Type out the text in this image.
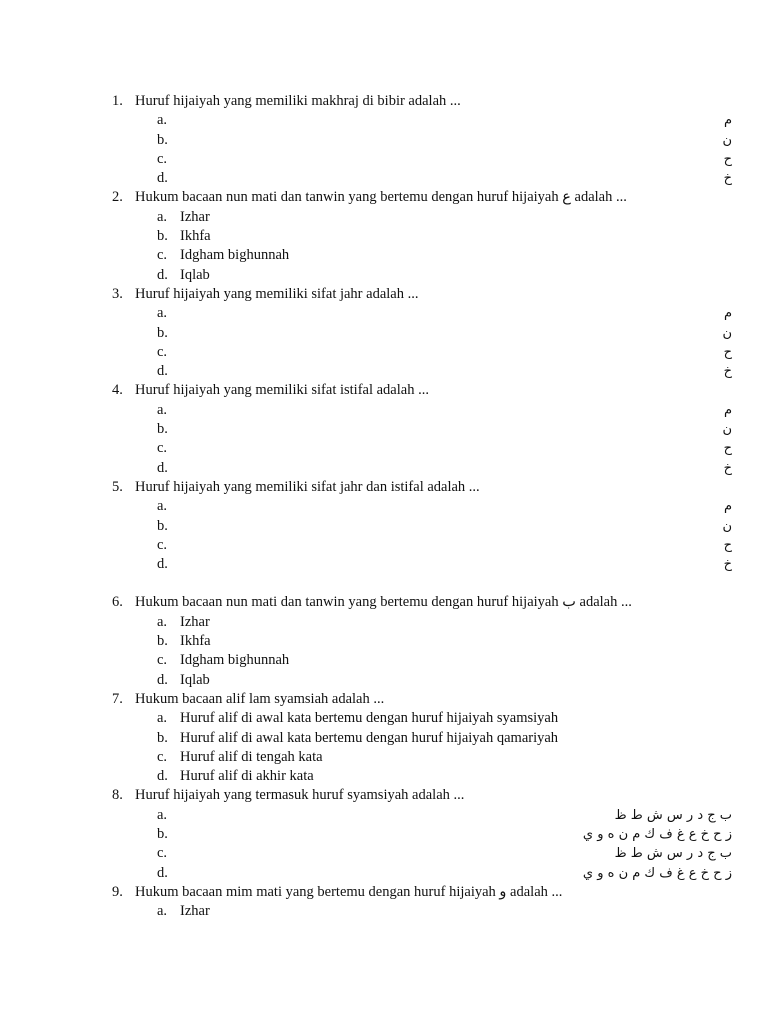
1. Huruf hijaiyah yang memiliki makhraj di bibir adalah ...
a.	م
b.	ن
c.	ح
d.	خ
2. Hukum bacaan nun mati dan tanwin yang bertemu dengan huruf hijaiyah ع adalah ...
a. Izhar
b. Ikhfa
c. Idgham bighunnah
d. Iqlab
3. Huruf hijaiyah yang memiliki sifat jahr adalah ...
a.	م
b.	ن
c.	ح
d.	خ
4. Huruf hijaiyah yang memiliki sifat istifal adalah ...
a.	م
b.	ن
c.	ح
d.	خ
5. Huruf hijaiyah yang memiliki sifat jahr dan istifal adalah ...
a.	م
b.	ن
c.	ح
d.	خ
6. Hukum bacaan nun mati dan tanwin yang bertemu dengan huruf hijaiyah ب adalah ...
a. Izhar
b. Ikhfa
c. Idgham bighunnah
d. Iqlab
7. Hukum bacaan alif lam syamsiah adalah ...
a. Huruf alif di awal kata bertemu dengan huruf hijaiyah syamsiyah
b. Huruf alif di awal kata bertemu dengan huruf hijaiyah qamariyah
c. Huruf alif di tengah kata
d. Huruf alif di akhir kata
8. Huruf hijaiyah yang termasuk huruf syamsiyah adalah ...
a.	ب ج د ر س ش ط ظ
b.	ز ح خ ع غ ف ك م ن ه و ي
c.	ب ج د ر س ش ط ظ
d.	ز ح خ ع غ ف ك م ن ه و ي
9. Hukum bacaan mim mati yang bertemu dengan huruf hijaiyah و adalah ...
a. Izhar
